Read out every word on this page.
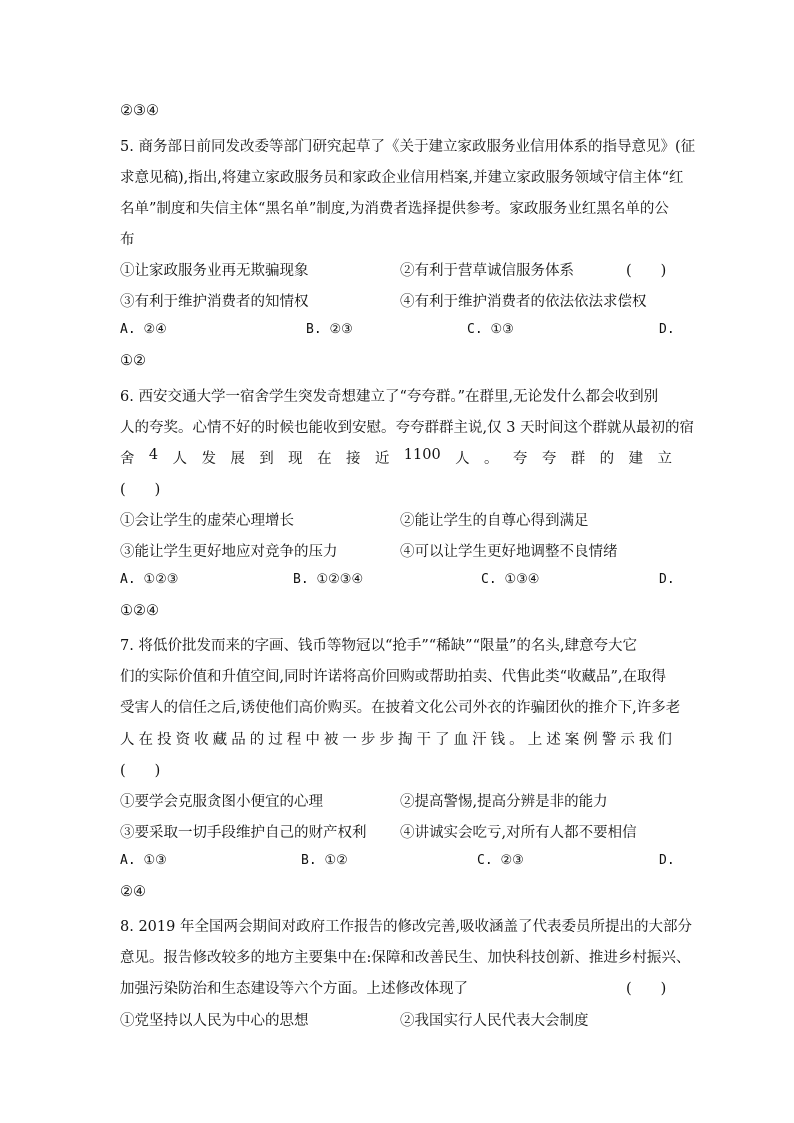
②③④
5. 商务部日前同发改委等部门研究起草了《关于建立家政服务业信用体系的指导意见》(征
求意见稿),指出,将建立家政服务员和家政企业信用档案,并建立家政服务领域守信主体“红
名单”制度和失信主体“黑名单”制度,为消费者选择提供参考。家政服务业红黑名单的公
布
①让家政服务业再无欺骗现象	②有利于营草诚信服务体系	(　　)
③有利于维护消费者的知情权	④有利于维护消费者的依法依法求偿权
A. ②④	B. ②③	C. ①③	D.
①②
6. 西安交通大学一宿舍学生突发奇想建立了“夸夸群。”在群里,无论发什么都会收到别
人的夸奖。心情不好的时候也能收到安慰。夸夸群群主说,仅 3 天时间这个群就从最初的宿
舍 4 人 发 展 到 现 在 接 近 1100 人 。 夸 夸 群 的 建 立
(　　)
①会让学生的虚荣心理增长	②能让学生的自尊心得到满足
③能让学生更好地应对竞争的压力	④可以让学生更好地调整不良情绪
A. ①②③	B. ①②③④	C. ①③④	D.
①②④
7. 将低价批发而来的字画、钱币等物冠以“抢手”“稀缺”“限量”的名头,肆意夸大它
们的实际价值和升值空间,同时许诺将高价回购或帮助拍卖、代售此类“收藏品”,在取得
受害人的信任之后,诱使他们高价购买。在披着文化公司外衣的诈骗团伙的推介下,许多老
人 在 投 资 收 藏 品 的 过 程 中 被 一 步 步 掏 干 了 血 汗 钱 。 上 述 案 例 警 示 我 们
(　　)
①要学会克服贪图小便宜的心理	②提高警惕,提高分辨是非的能力
③要采取一切手段维护自己的财产权利 ④讲诚实会吃亏,对所有人都不要相信
A. ①③	B. ①②	C. ②③	D.
②④
8. 2019 年全国两会期间对政府工作报告的修改完善,吸收涵盖了代表委员所提出的大部分
意见。报告修改较多的地方主要集中在:保障和改善民生、加快科技创新、推进乡村振兴、
加强污染防治和生态建设等六个方面。上述修改体现了	(　　)
①党坚持以人民为中心的思想	②我国实行人民代表大会制度
